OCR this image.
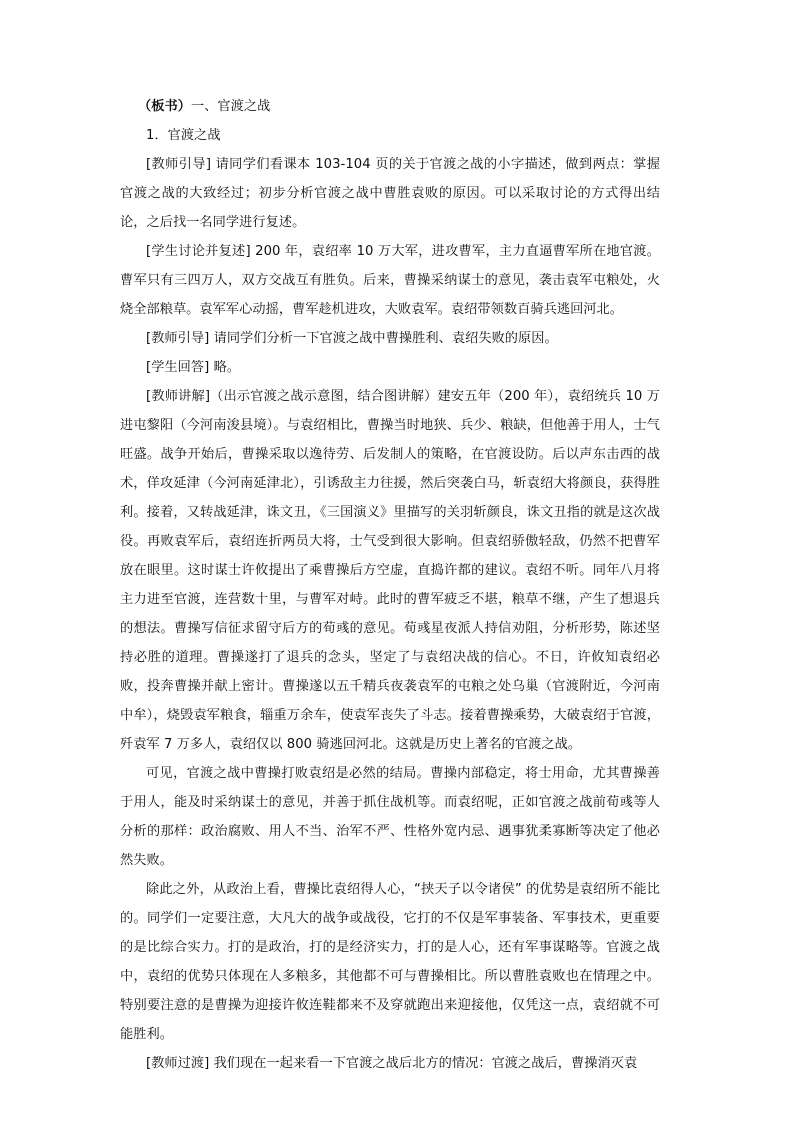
（板书）一、官渡之战

1．官渡之战

[教师引导] 请同学们看课本 103-104 页的关于官渡之战的小字描述，做到两点：掌握官渡之战的大致经过；初步分析官渡之战中曹胜袁败的原因。可以采取讨论的方式得出结论，之后找一名同学进行复述。

[学生讨论并复述] 200 年，袁绍率 10 万大军，进攻曹军，主力直逼曹军所在地官渡。曹军只有三四万人，双方交战互有胜负。后来，曹操采纳谋士的意见，袭击袁军屯粮处，火烧全部粮草。袁军军心动摇，曹军趁机进攻，大败袁军。袁绍带领数百骑兵逃回河北。

[教师引导] 请同学们分析一下官渡之战中曹操胜利、袁绍失败的原因。

[学生回答] 略。

[教师讲解]（出示官渡之战示意图，结合图讲解）建安五年（200 年），袁绍统兵 10 万进屯黎阳（今河南浚县境）。与袁绍相比，曹操当时地狭、兵少、粮缺，但他善于用人，士气旺盛。战争开始后，曹操采取以逸待劳、后发制人的策略，在官渡设防。后以声东击西的战术，佯攻延津（今河南延津北），引诱敌主力往援，然后突袭白马，斩袁绍大将颜良，获得胜利。接着，又转战延津，诛文丑，《三国演义》里描写的关羽斩颜良，诛文丑指的就是这次战役。再败袁军后，袁绍连折两员大将，士气受到很大影响。但袁绍骄傲轻敌，仍然不把曹军放在眼里。这时谋士许攸提出了乘曹操后方空虚，直捣许都的建议。袁绍不听。同年八月将主力进至官渡，连营数十里，与曹军对峙。此时的曹军疲乏不堪，粮草不继，产生了想退兵的想法。曹操写信征求留守后方的荀彧的意见。荀彧星夜派人持信劝阻，分析形势，陈述坚持必胜的道理。曹操遂打了退兵的念头，坚定了与袁绍决战的信心。不日，许攸知袁绍必败，投奔曹操并献上密计。曹操遂以五千精兵夜袭袁军的屯粮之处乌巢（官渡附近，今河南中牟），烧毁袁军粮食，辎重万余车，使袁军丧失了斗志。接着曹操乘势，大破袁绍于官渡，歼袁军 7 万多人，袁绍仅以 800 骑逃回河北。这就是历史上著名的官渡之战。

可见，官渡之战中曹操打败袁绍是必然的结局。曹操内部稳定，将士用命，尤其曹操善于用人，能及时采纳谋士的意见，并善于抓住战机等。而袁绍呢，正如官渡之战前荀彧等人分析的那样：政治腐败、用人不当、治军不严、性格外宽内忌、遇事犹柔寡断等决定了他必然失败。

除此之外，从政治上看，曹操比袁绍得人心，“挟天子以令诸侯” 的优势是袁绍所不能比的。同学们一定要注意，大凡大的战争或战役，它打的不仅是军事装备、军事技术，更重要的是比综合实力。打的是政治，打的是经济实力，打的是人心，还有军事谋略等。官渡之战中，袁绍的优势只体现在人多粮多，其他都不可与曹操相比。所以曹胜袁败也在情理之中。特别要注意的是曹操为迎接许攸连鞋都来不及穿就跑出来迎接他，仅凭这一点，袁绍就不可能胜利。

[教师过渡] 我们现在一起来看一下官渡之战后北方的情况：官渡之战后，曹操消灭袁
